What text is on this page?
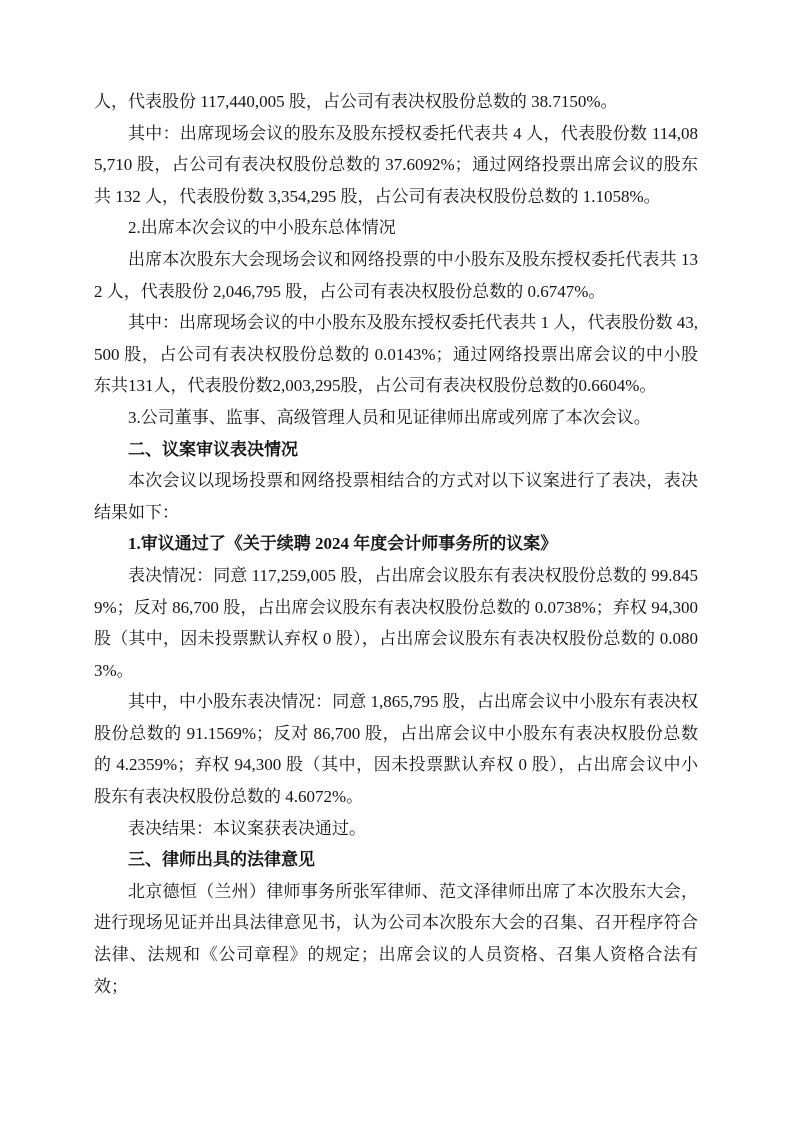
人，代表股份 117,440,005 股，占公司有表决权股份总数的 38.7150%。

其中：出席现场会议的股东及股东授权委托代表共 4 人，代表股份数 114,085,710 股，占公司有表决权股份总数的 37.6092%；通过网络投票出席会议的股东共 132 人，代表股份数 3,354,295 股，占公司有表决权股份总数的 1.1058%。

2.出席本次会议的中小股东总体情况

出席本次股东大会现场会议和网络投票的中小股东及股东授权委托代表共 132 人，代表股份 2,046,795 股，占公司有表决权股份总数的 0.6747%。

其中：出席现场会议的中小股东及股东授权委托代表共 1 人，代表股份数 43,500 股，占公司有表决权股份总数的 0.0143%；通过网络投票出席会议的中小股东共131人，代表股份数2,003,295股，占公司有表决权股份总数的0.6604%。

3.公司董事、监事、高级管理人员和见证律师出席或列席了本次会议。

二、议案审议表决情况

本次会议以现场投票和网络投票相结合的方式对以下议案进行了表决，表决结果如下：

1.审议通过了《关于续聘 2024 年度会计师事务所的议案》

表决情况：同意 117,259,005 股，占出席会议股东有表决权股份总数的 99.8459%；反对 86,700 股，占出席会议股东有表决权股份总数的 0.0738%；弃权 94,300 股（其中，因未投票默认弃权 0 股），占出席会议股东有表决权股份总数的 0.0803%。

其中，中小股东表决情况：同意 1,865,795 股，占出席会议中小股东有表决权股份总数的 91.1569%；反对 86,700 股，占出席会议中小股东有表决权股份总数的 4.2359%；弃权 94,300 股（其中，因未投票默认弃权 0 股），占出席会议中小股东有表决权股份总数的 4.6072%。

表决结果：本议案获表决通过。

三、律师出具的法律意见

北京德恒（兰州）律师事务所张军律师、范文泽律师出席了本次股东大会，进行现场见证并出具法律意见书，认为公司本次股东大会的召集、召开程序符合法律、法规和《公司章程》的规定；出席会议的人员资格、召集人资格合法有效；
